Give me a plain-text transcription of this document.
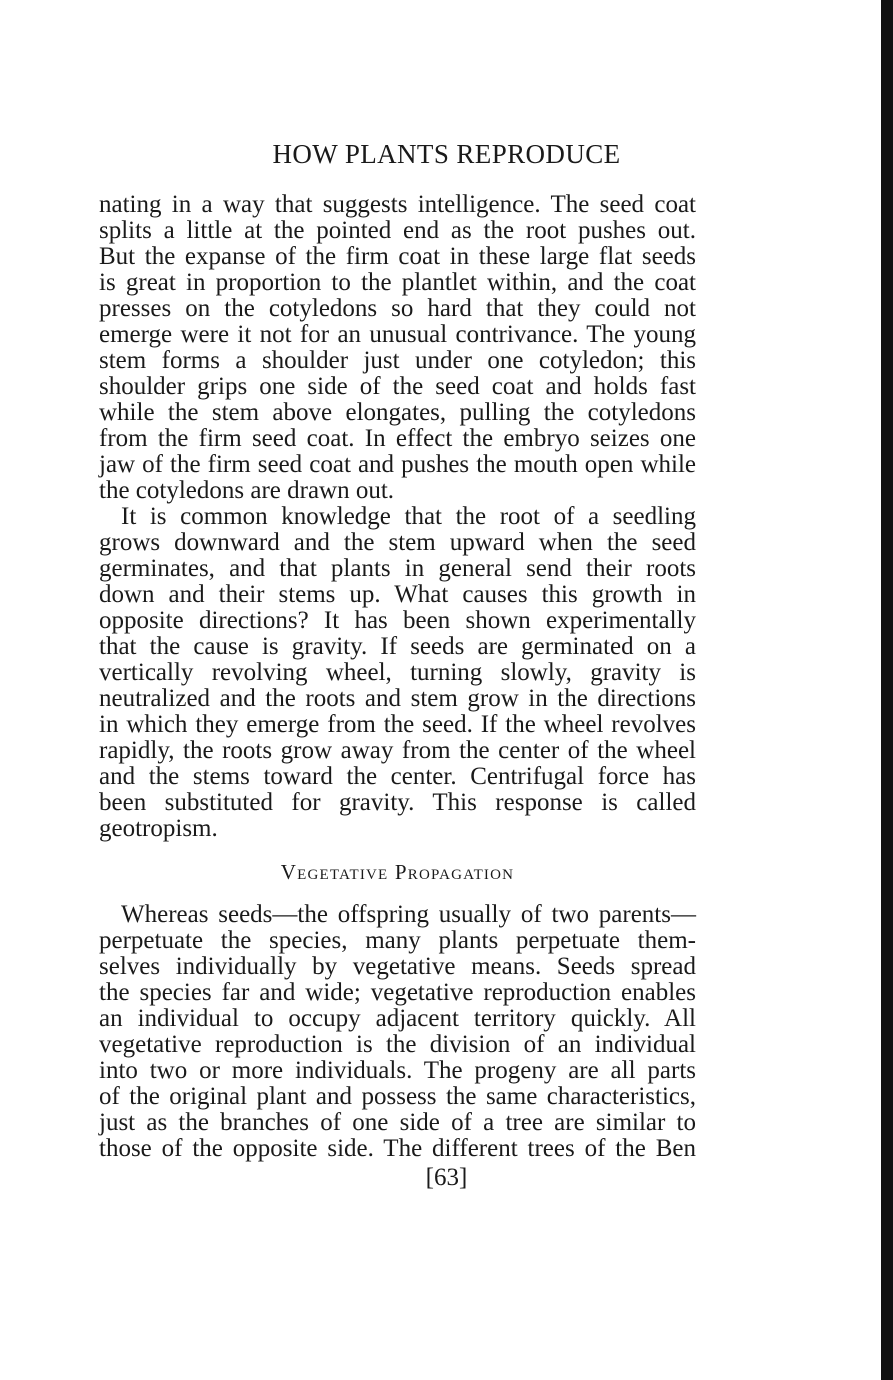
HOW PLANTS REPRODUCE
nating in a way that suggests intelligence. The seed coat
splits a little at the pointed end as the root pushes out.
But the expanse of the firm coat in these large flat seeds
is great in proportion to the plantlet within, and the coat
presses on the cotyledons so hard that they could not
emerge were it not for an unusual contrivance. The young
stem forms a shoulder just under one cotyledon; this
shoulder grips one side of the seed coat and holds fast
while the stem above elongates, pulling the cotyledons
from the firm seed coat. In effect the embryo seizes one
jaw of the firm seed coat and pushes the mouth open while
the cotyledons are drawn out.
It is common knowledge that the root of a seedling
grows downward and the stem upward when the seed
germinates, and that plants in general send their roots
down and their stems up. What causes this growth in
opposite directions? It has been shown experimentally
that the cause is gravity. If seeds are germinated on a
vertically revolving wheel, turning slowly, gravity is
neutralized and the roots and stem grow in the directions
in which they emerge from the seed. If the wheel revolves
rapidly, the roots grow away from the center of the wheel
and the stems toward the center. Centrifugal force has
been substituted for gravity. This response is called
geotropism.
Vegetative Propagation
Whereas seeds—the offspring usually of two parents—
perpetuate the species, many plants perpetuate them-
selves individually by vegetative means. Seeds spread
the species far and wide; vegetative reproduction enables
an individual to occupy adjacent territory quickly. All
vegetative reproduction is the division of an individual
into two or more individuals. The progeny are all parts
of the original plant and possess the same characteristics,
just as the branches of one side of a tree are similar to
those of the opposite side. The different trees of the Ben
[63]
